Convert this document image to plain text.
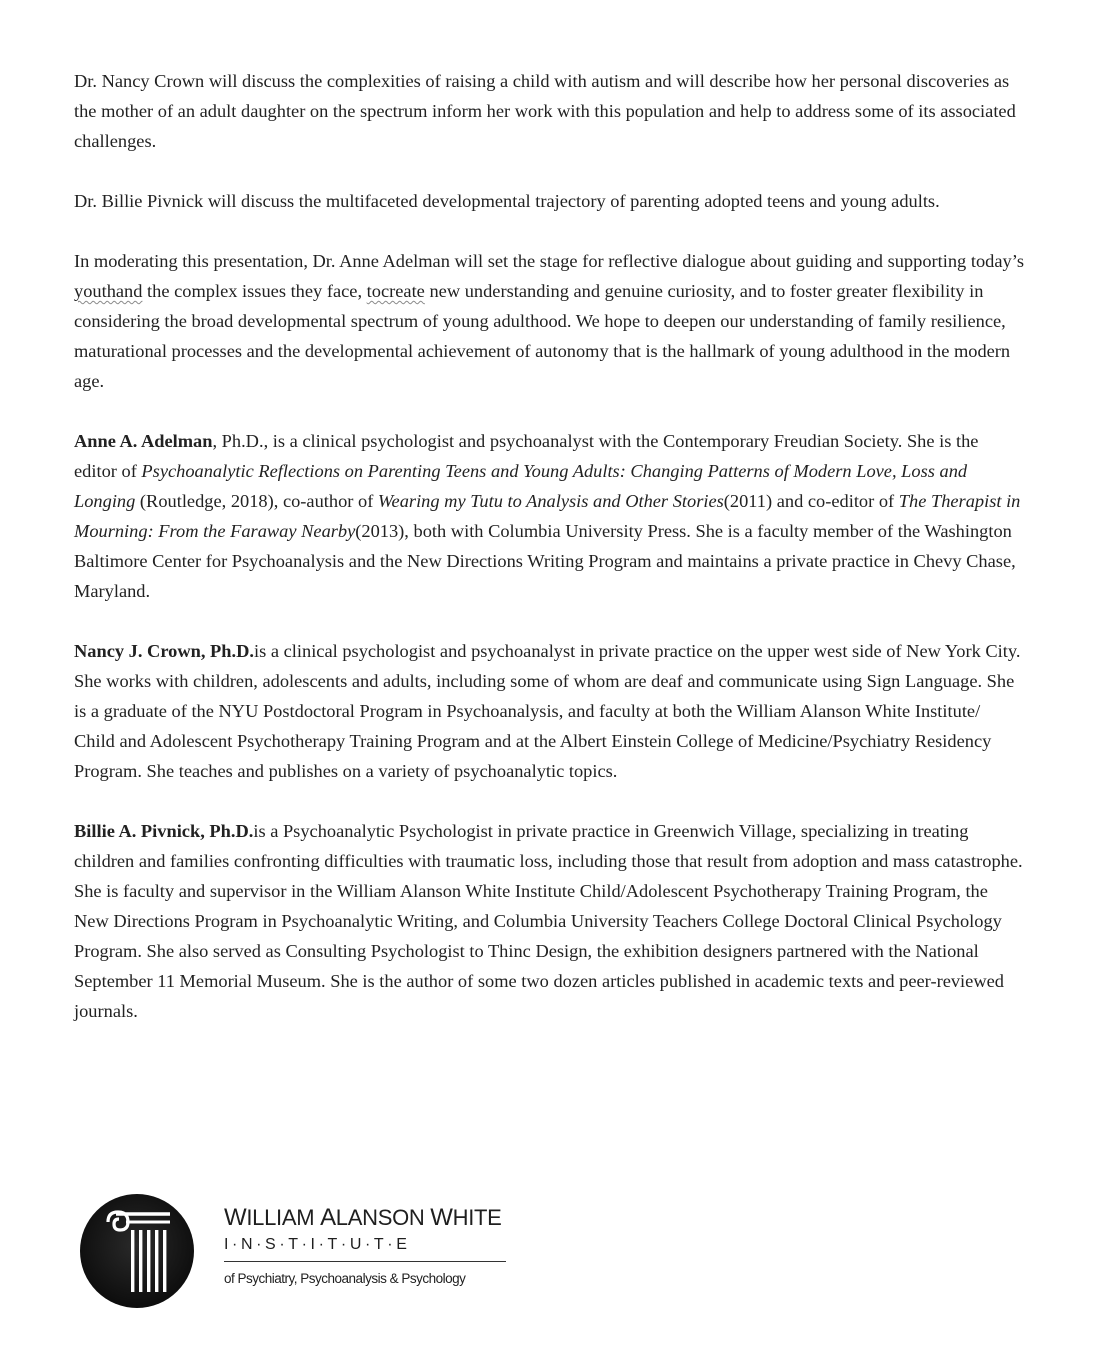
Dr. Nancy Crown will discuss the complexities of raising a child with autism and will describe how her personal discoveries as the mother of an adult daughter on the spectrum inform her work with this population and help to address some of its associated challenges.

Dr. Billie Pivnick will discuss the multifaceted developmental trajectory of parenting adopted teens and young adults.

In moderating this presentation, Dr. Anne Adelman will set the stage for reflective dialogue about guiding and supporting today’s youthand the complex issues they face, tocreate new understanding and genuine curiosity, and to foster greater flexibility in considering the broad developmental spectrum of young adulthood. We hope to deepen our understanding of family resilience, maturational processes and the developmental achievement of autonomy that is the hallmark of young adulthood in the modern age.

Anne A. Adelman, Ph.D., is a clinical psychologist and psychoanalyst with the Contemporary Freudian Society. She is the editor of Psychoanalytic Reflections on Parenting Teens and Young Adults: Changing Patterns of Modern Love, Loss and Longing (Routledge, 2018), co-author of Wearing my Tutu to Analysis and Other Stories(2011) and co-editor of The Therapist in Mourning: From the Faraway Nearby(2013), both with Columbia University Press. She is a faculty member of the Washington Baltimore Center for Psychoanalysis and the New Directions Writing Program and maintains a private practice in Chevy Chase, Maryland.

Nancy J. Crown, Ph.D.is a clinical psychologist and psychoanalyst in private practice on the upper west side of New York City. She works with children, adolescents and adults, including some of whom are deaf and communicate using Sign Language. She is a graduate of the NYU Postdoctoral Program in Psychoanalysis, and faculty at both the William Alanson White Institute/ Child and Adolescent Psychotherapy Training Program and at the Albert Einstein College of Medicine/Psychiatry Residency Program. She teaches and publishes on a variety of psychoanalytic topics.

Billie A. Pivnick, Ph.D.is a Psychoanalytic Psychologist in private practice in Greenwich Village, specializing in treating children and families confronting difficulties with traumatic loss, including those that result from adoption and mass catastrophe. She is faculty and supervisor in the William Alanson White Institute Child/Adolescent Psychotherapy Training Program, the New Directions Program in Psychoanalytic Writing, and Columbia University Teachers College Doctoral Clinical Psychology Program. She also served as Consulting Psychologist to Thinc Design, the exhibition designers partnered with the National September 11 Memorial Museum. She is the author of some two dozen articles published in academic texts and peer-reviewed journals.

WILLIAM ALANSON WHITE
I·N·S·T·I·T·U·T·E
of Psychiatry, Psychoanalysis & Psychology
